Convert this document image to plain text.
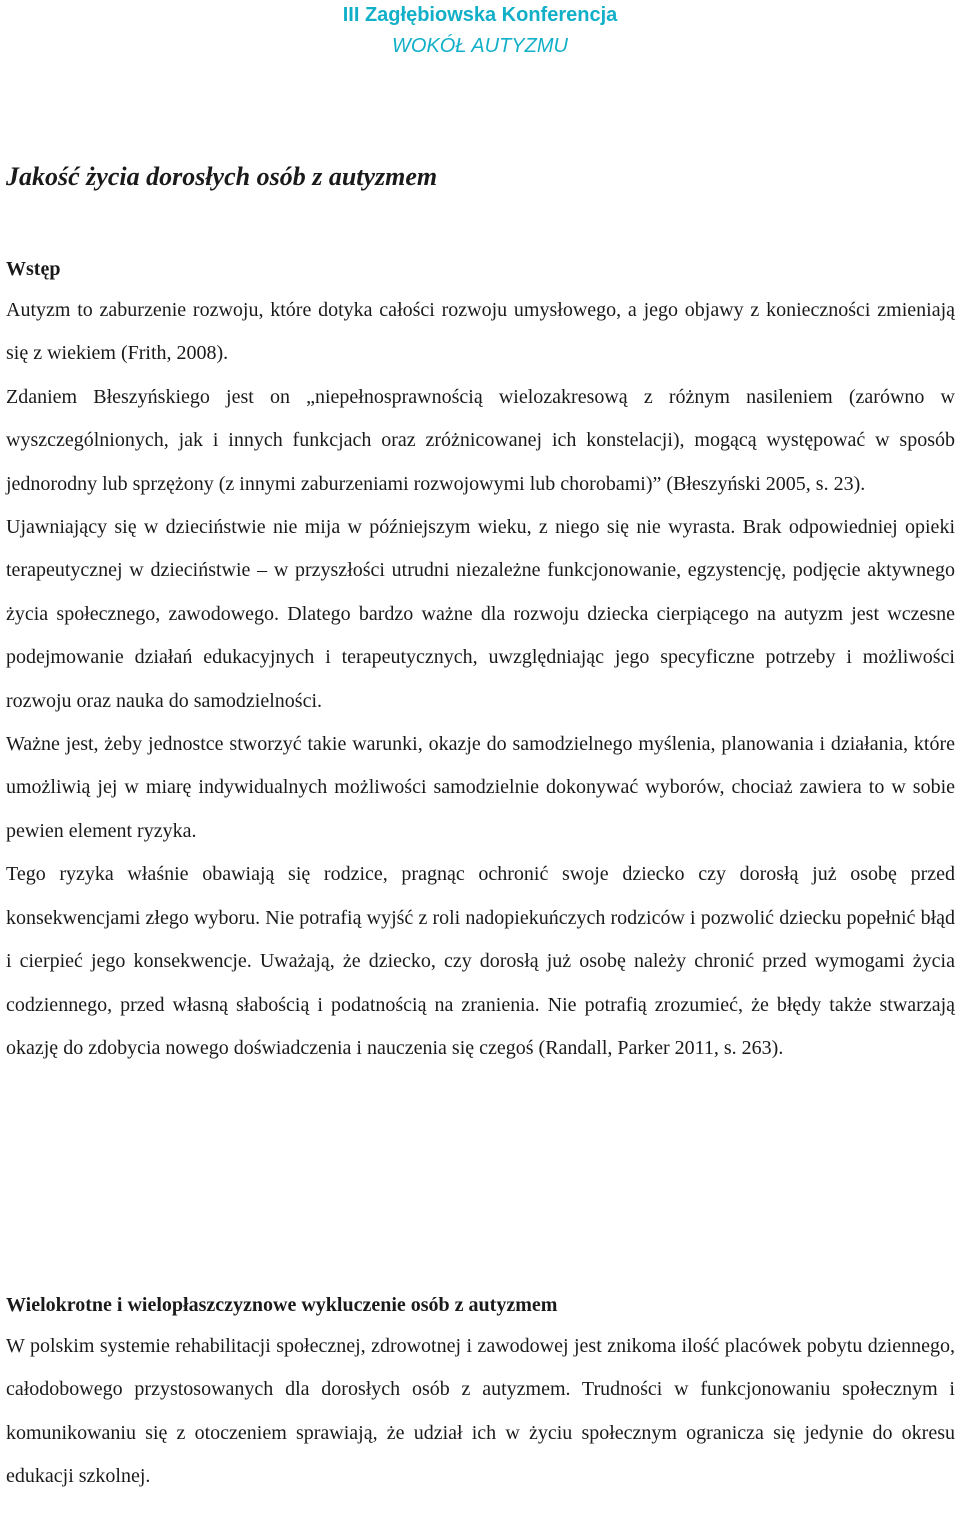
III Zagłębiowska Konferencja
WOKÓŁ AUTYZMU
Jakość życia dorosłych osób z autyzmem
Wstęp

Autyzm to zaburzenie rozwoju, które dotyka całości rozwoju umysłowego, a jego objawy z konieczności zmieniają się z wiekiem (Frith, 2008).

Zdaniem Błeszyńskiego jest on „niepełnosprawnością wielozakresową z różnym nasileniem (zarówno w wyszczególnionych, jak i innych funkcjach oraz zróżnicowanej ich konstelacji), mogącą występować w sposób jednorodny lub sprzężony (z innymi zaburzeniami rozwojowymi lub chorobami)” (Błeszyński 2005, s. 23).

Ujawniający się w dzieciństwie nie mija w późniejszym wieku, z niego się nie wyrasta. Brak odpowiedniej opieki terapeutycznej w dzieciństwie – w przyszłości utrudni niezależne funkcjonowanie, egzystencję, podjęcie aktywnego życia społecznego, zawodowego. Dlatego bardzo ważne dla rozwoju dziecka cierpiącego na autyzm jest wczesne podejmowanie działań edukacyjnych i terapeutycznych, uwzględniając jego specyficzne potrzeby i możliwości rozwoju oraz nauka do samodzielności.

Ważne jest, żeby jednostce stworzyć takie warunki, okazje do samodzielnego myślenia, planowania i działania, które umożliwią jej w miarę indywidualnych możliwości samodzielnie dokonywać wyborów, chociaż zawiera to w sobie pewien element ryzyka.

Tego ryzyka właśnie obawiają się rodzice, pragnąc ochronić swoje dziecko czy dorosłą już osobę przed konsekwencjami złego wyboru. Nie potrafią wyjść z roli nadopiekuńczych rodziców i pozwolić dziecku popełnić błąd i cierpieć jego konsekwencje. Uważają, że dziecko, czy dorosłą już osobę należy chronić przed wymogami życia codziennego, przed własną słabością i podatnością na zranienia. Nie potrafią zrozumieć, że błędy także stwarzają okazję do zdobycia nowego doświadczenia i nauczenia się czegoś (Randall, Parker 2011, s. 263).

Wielokrotne i wielopłaszczyznowe wykluczenie osób z autyzmem

W polskim systemie rehabilitacji społecznej, zdrowotnej i zawodowej jest znikoma ilość placówek pobytu dziennego, całodobowego przystosowanych dla dorosłych osób z autyzmem. Trudności w funkcjonowaniu społecznym i komunikowaniu się z otoczeniem sprawiają, że udział ich w życiu społecznym ogranicza się jedynie do okresu edukacji szkolnej.
